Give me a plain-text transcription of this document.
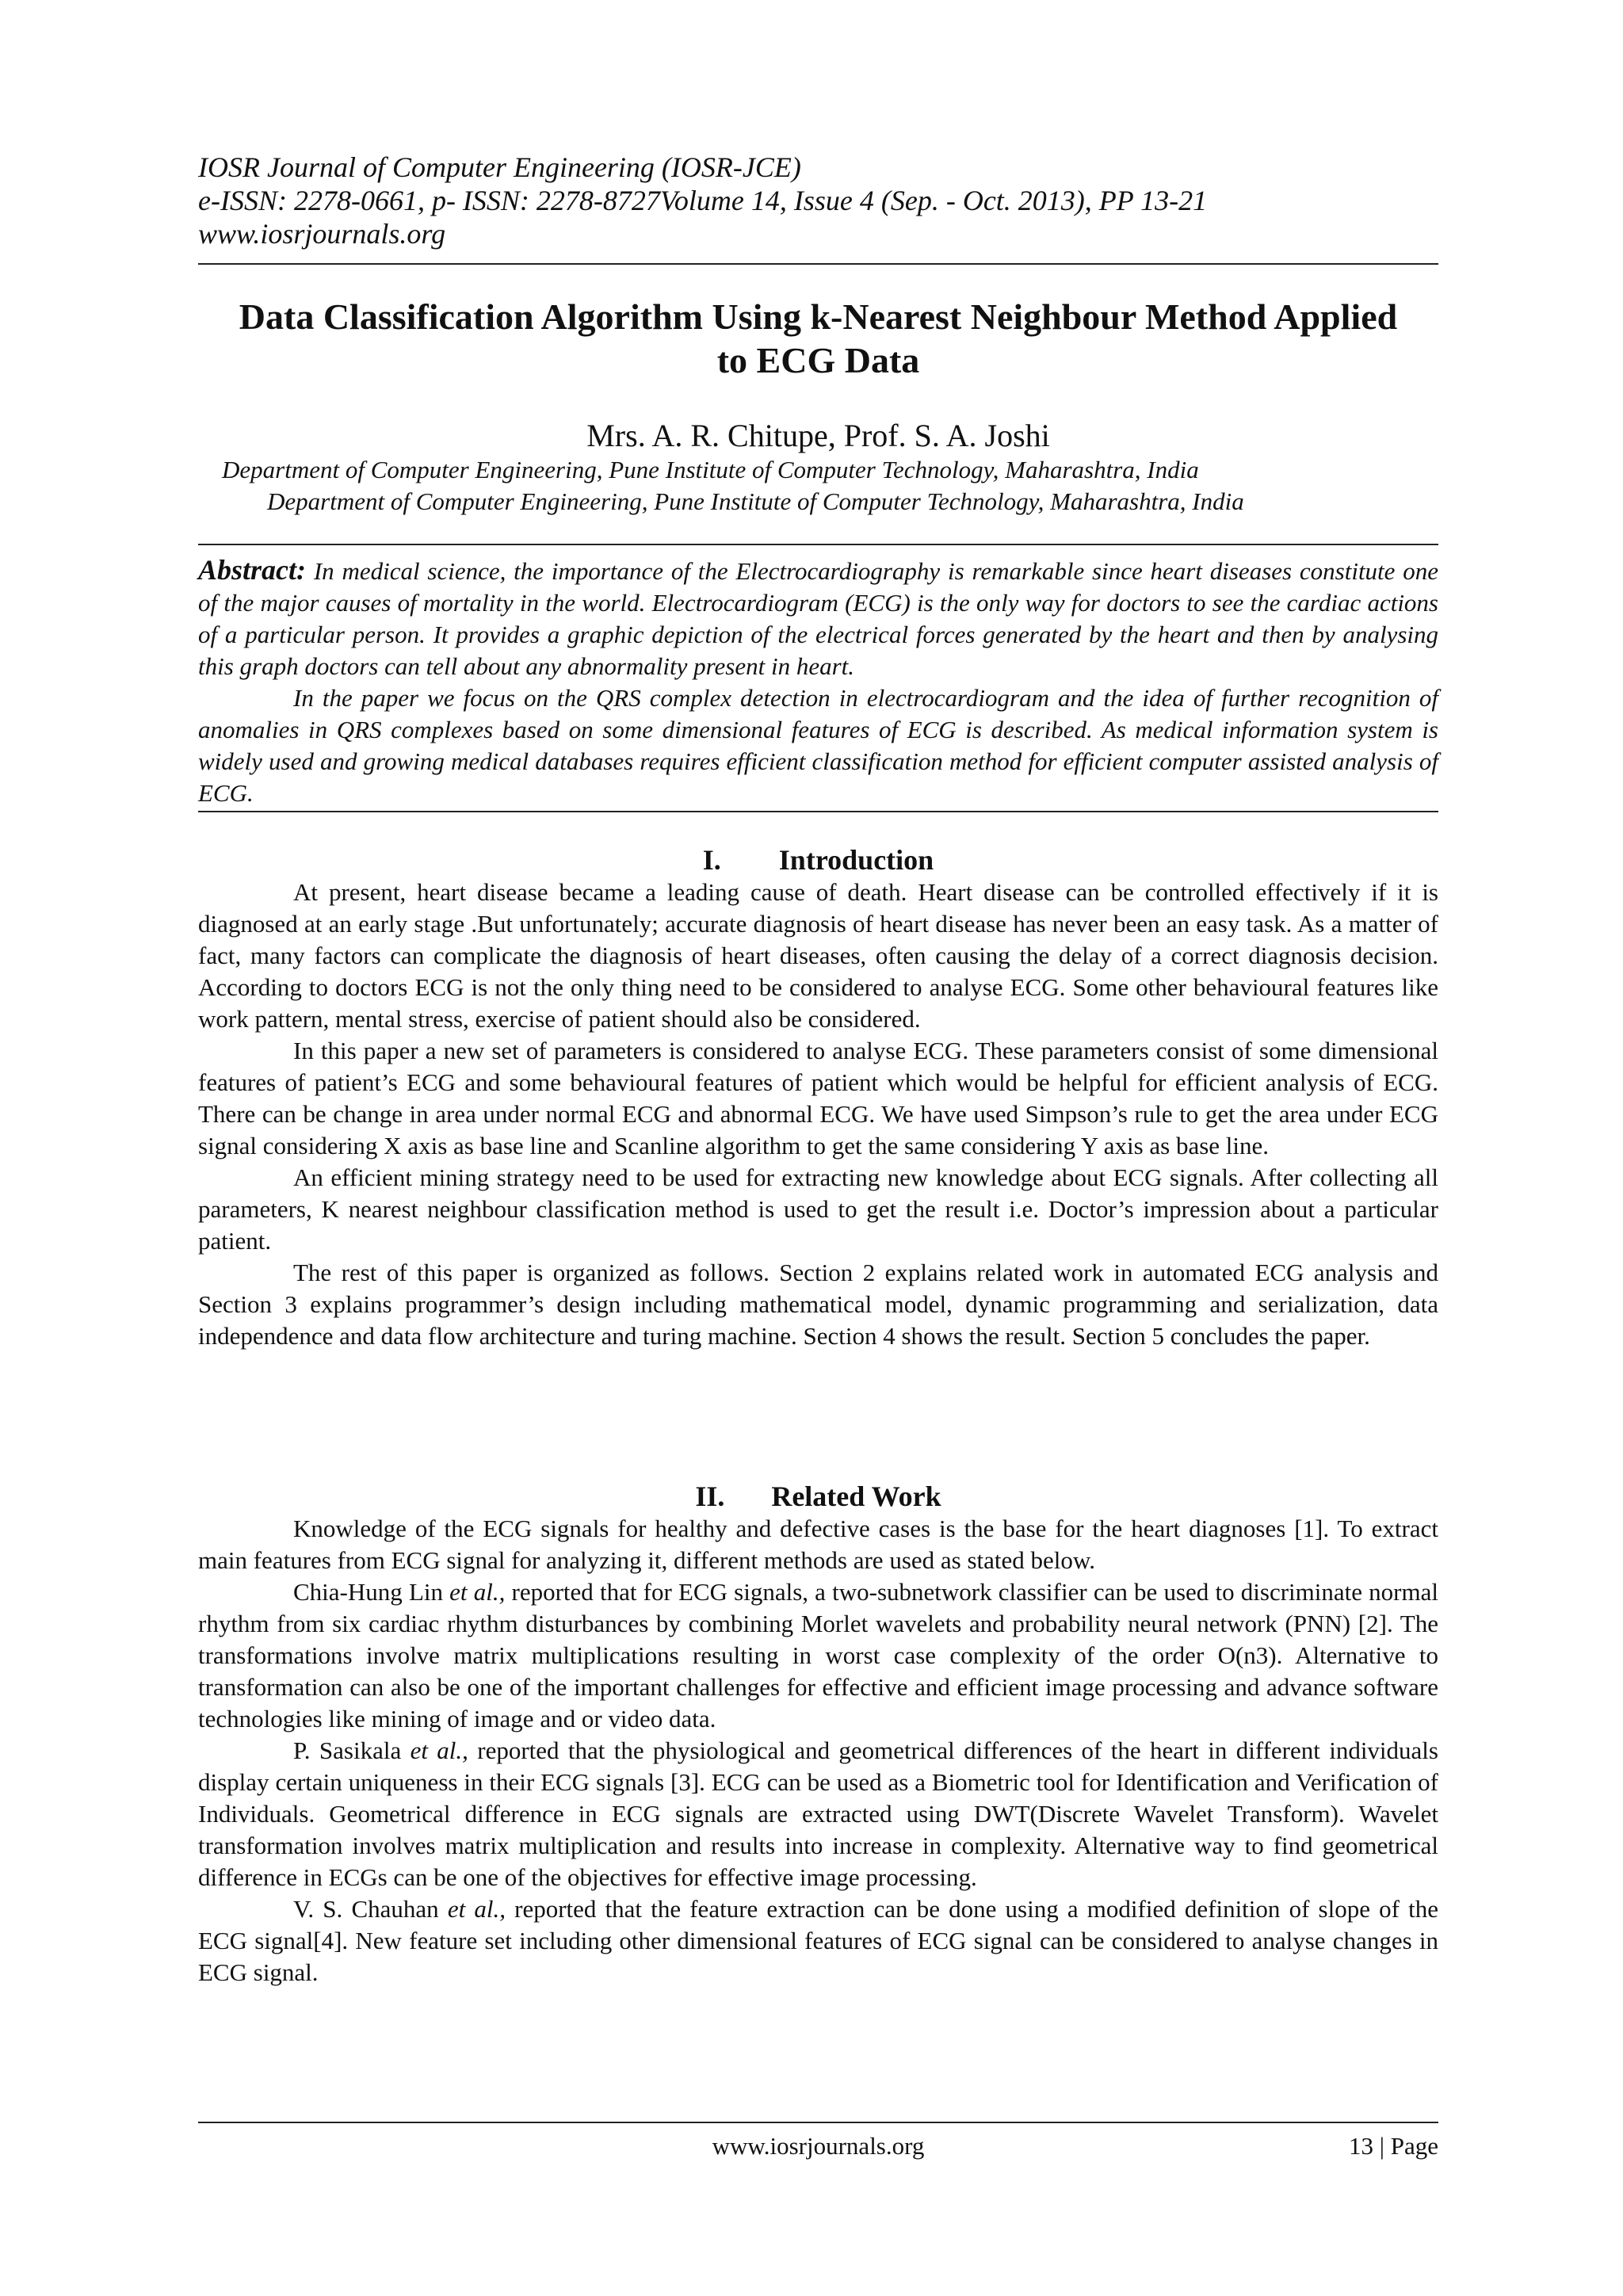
IOSR Journal of Computer Engineering (IOSR-JCE)
e-ISSN: 2278-0661, p- ISSN: 2278-8727Volume 14, Issue 4 (Sep. - Oct. 2013), PP 13-21
www.iosrjournals.org
Data Classification Algorithm Using k-Nearest Neighbour Method Applied
to ECG Data
Mrs. A. R. Chitupe, Prof. S. A. Joshi
Department of Computer Engineering, Pune Institute of Computer Technology, Maharashtra, India
Department of Computer Engineering, Pune Institute of Computer Technology, Maharashtra, India

Abstract: In medical science, the importance of the Electrocardiography is remarkable since heart diseases constitute one of the major causes of mortality in the world. Electrocardiogram (ECG) is the only way for doctors to see the cardiac actions of a particular person. It provides a graphic depiction of the electrical forces generated by the heart and then by analysing this graph doctors can tell about any abnormality present in heart.

In the paper we focus on the QRS complex detection in electrocardiogram and the idea of further recognition of anomalies in QRS complexes based on some dimensional features of ECG is described. As medical information system is widely used and growing medical databases requires efficient classification method for efficient computer assisted analysis of ECG.

I. Introduction

At present, heart disease became a leading cause of death. Heart disease can be controlled effectively if it is diagnosed at an early stage .But unfortunately; accurate diagnosis of heart disease has never been an easy task. As a matter of fact, many factors can complicate the diagnosis of heart diseases, often causing the delay of a correct diagnosis decision. According to doctors ECG is not the only thing need to be considered to analyse ECG. Some other behavioural features like work pattern, mental stress, exercise of patient should also be considered.

In this paper a new set of parameters is considered to analyse ECG. These parameters consist of some dimensional features of patient’s ECG and some behavioural features of patient which would be helpful for efficient analysis of ECG. There can be change in area under normal ECG and abnormal ECG. We have used Simpson’s rule to get the area under ECG signal considering X axis as base line and Scanline algorithm to get the same considering Y axis as base line.

An efficient mining strategy need to be used for extracting new knowledge about ECG signals. After collecting all parameters, K nearest neighbour classification method is used to get the result i.e. Doctor’s impression about a particular patient.

The rest of this paper is organized as follows. Section 2 explains related work in automated ECG analysis and Section 3 explains programmer’s design including mathematical model, dynamic programming and serialization, data independence and data flow architecture and turing machine. Section 4 shows the result. Section 5 concludes the paper.

II. Related Work

Knowledge of the ECG signals for healthy and defective cases is the base for the heart diagnoses [1]. To extract main features from ECG signal for analyzing it, different methods are used as stated below.

Chia-Hung Lin et al., reported that for ECG signals, a two-subnetwork classifier can be used to discriminate normal rhythm from six cardiac rhythm disturbances by combining Morlet wavelets and probability neural network (PNN) [2]. The transformations involve matrix multiplications resulting in worst case complexity of the order O(n3). Alternative to transformation can also be one of the important challenges for effective and efficient image processing and advance software technologies like mining of image and or video data.

P. Sasikala et al., reported that the physiological and geometrical differences of the heart in different individuals display certain uniqueness in their ECG signals [3]. ECG can be used as a Biometric tool for Identification and Verification of Individuals. Geometrical difference in ECG signals are extracted using DWT(Discrete Wavelet Transform). Wavelet transformation involves matrix multiplication and results into increase in complexity. Alternative way to find geometrical difference in ECGs can be one of the objectives for effective image processing.

V. S. Chauhan et al., reported that the feature extraction can be done using a modified definition of slope of the ECG signal[4]. New feature set including other dimensional features of ECG signal can be considered to analyse changes in ECG signal.

www.iosrjournals.org	13 | Page
